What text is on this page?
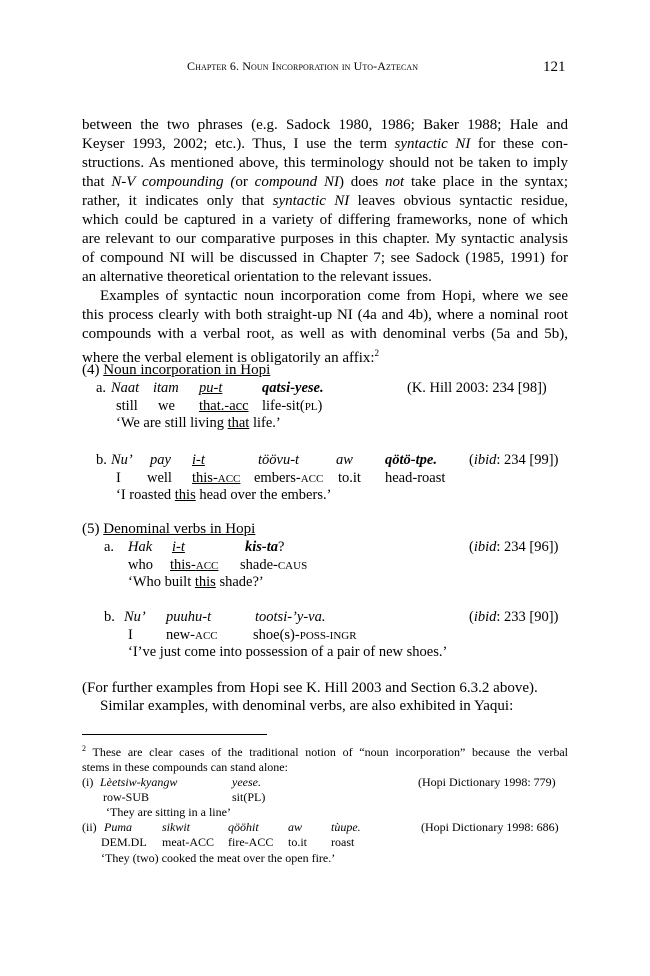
Chapter 6. Noun Incorporation in Uto-Aztecan	121
between the two phrases (e.g. Sadock 1980, 1986; Baker 1988; Hale and
Keyser 1993, 2002; etc.). Thus, I use the term syntactic NI for these con-
structions. As mentioned above, this terminology should not be taken to imply
that N-V compounding (or compound NI) does not take place in the syntax;
rather, it indicates only that syntactic NI leaves obvious syntactic residue,
which could be captured in a variety of differing frameworks, none of which
are relevant to our comparative purposes in this chapter. My syntactic analysis
of compound NI will be discussed in Chapter 7; see Sadock (1985, 1991) for
an alternative theoretical orientation to the relevant issues.
Examples of syntactic noun incorporation come from Hopi, where we see
this process clearly with both straight-up NI (4a and 4b), where a nominal root
compounds with a verbal root, as well as with denominal verbs (5a and 5b),
where the verbal element is obligatorily an affix:$^2$
(4) Noun incorporation in Hopi
a. Naat itam pu-t	qatsi-yese.	(K. Hill 2003: 234 [98])
still we that.-acc life-sit(PL)
‘We are still living that life.’
b. Nu’ pay i-t	töövu-t	aw qötö-tpe. (ibid: 234 [99])
I well this-ACC embers-ACC to.it head-roast
‘I roasted this head over the embers.’
(5) Denominal verbs in Hopi
a. Hak i-t	kis-ta?	(ibid: 234 [96])
who this-ACC shade-CAUS
‘Who built this shade?’
b. Nu’ puuhu-t	tootsi-’y-va.	(ibid: 233 [90])
I new-ACC shoe(s)-POSS-INGR
‘I’ve just come into possession of a pair of new shoes.’
(For further examples from Hopi see K. Hill 2003 and Section 6.3.2 above).
Similar examples, with denominal verbs, are also exhibited in Yaqui:
$^2$ These are clear cases of the traditional notion of “noun incorporation” because the verbal
stems in these compounds can stand alone:
(i) Lèetsiw-kyangw	yeese.	(Hopi Dictionary 1998: 779)
row-SUB	sit(PL)
‘They are sitting in a line’
(ii) Puma	sikwit	qööhit aw tùupe.	(Hopi Dictionary 1998: 686)
DEM.DL meat-ACC fire-ACC to.it roast
‘They (two) cooked the meat over the open fire.’
